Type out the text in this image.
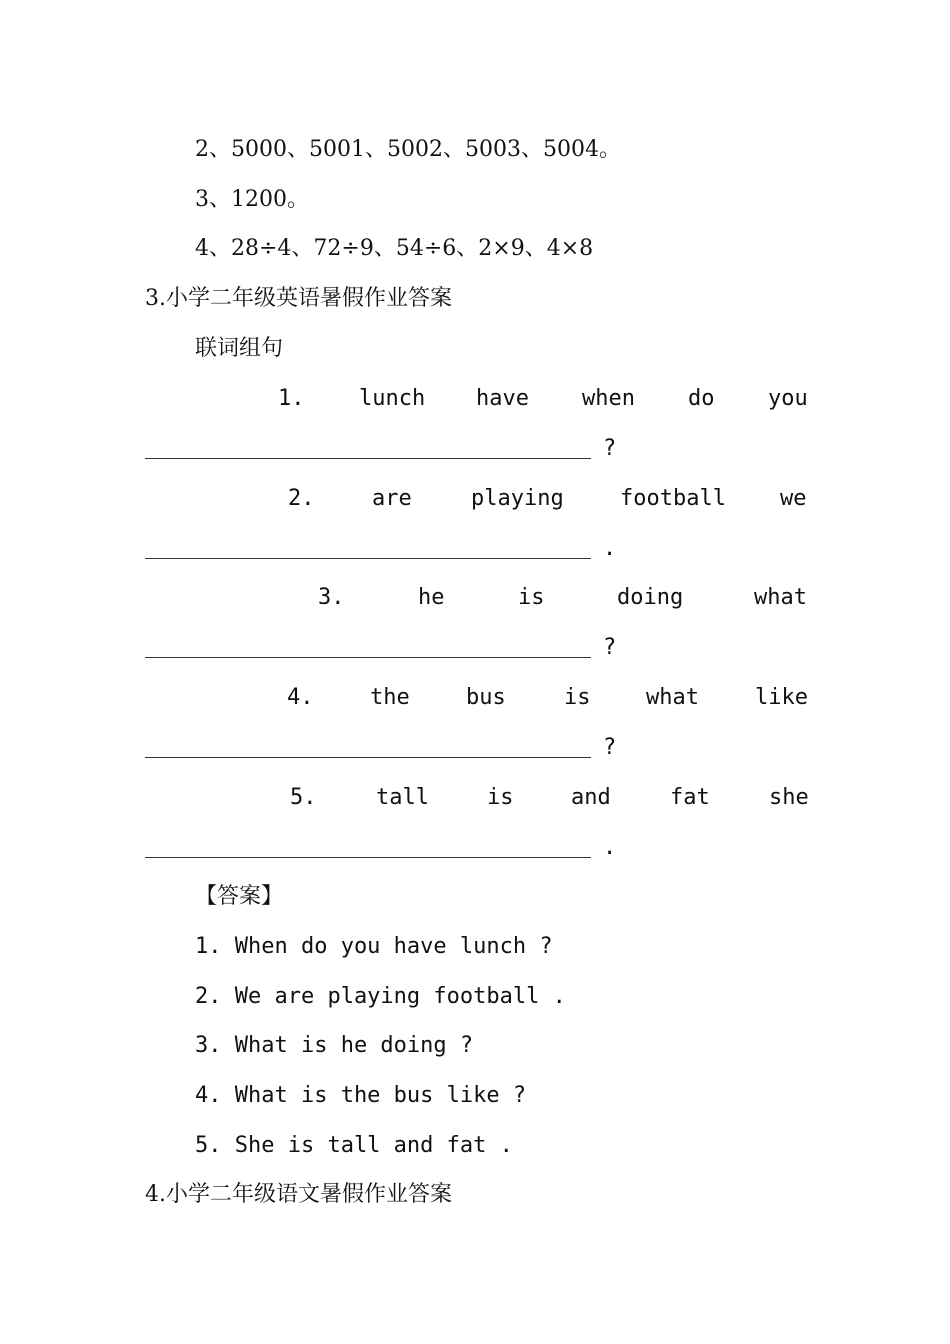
2、5000、5001、5002、5003、5004。
3、1200。
4、28÷4、72÷9、54÷6、2×9、4×8
3.小学二年级英语暑假作业答案
联词组句

1.

lunch

have

when

do

you

?

2.

	are

	playing

	football

we

.

3.

	he

	is

	doing

	what

?

4.

	the

	bus

	is

	what

	like

?

5.

	tall

	is

	and

	fat

	she

.
【答案】
1. When do you have lunch ?
2. We are playing football .
3. What is he doing ?
4. What is the bus like ?
5. She is tall and fat .
4.小学二年级语文暑假作业答案
